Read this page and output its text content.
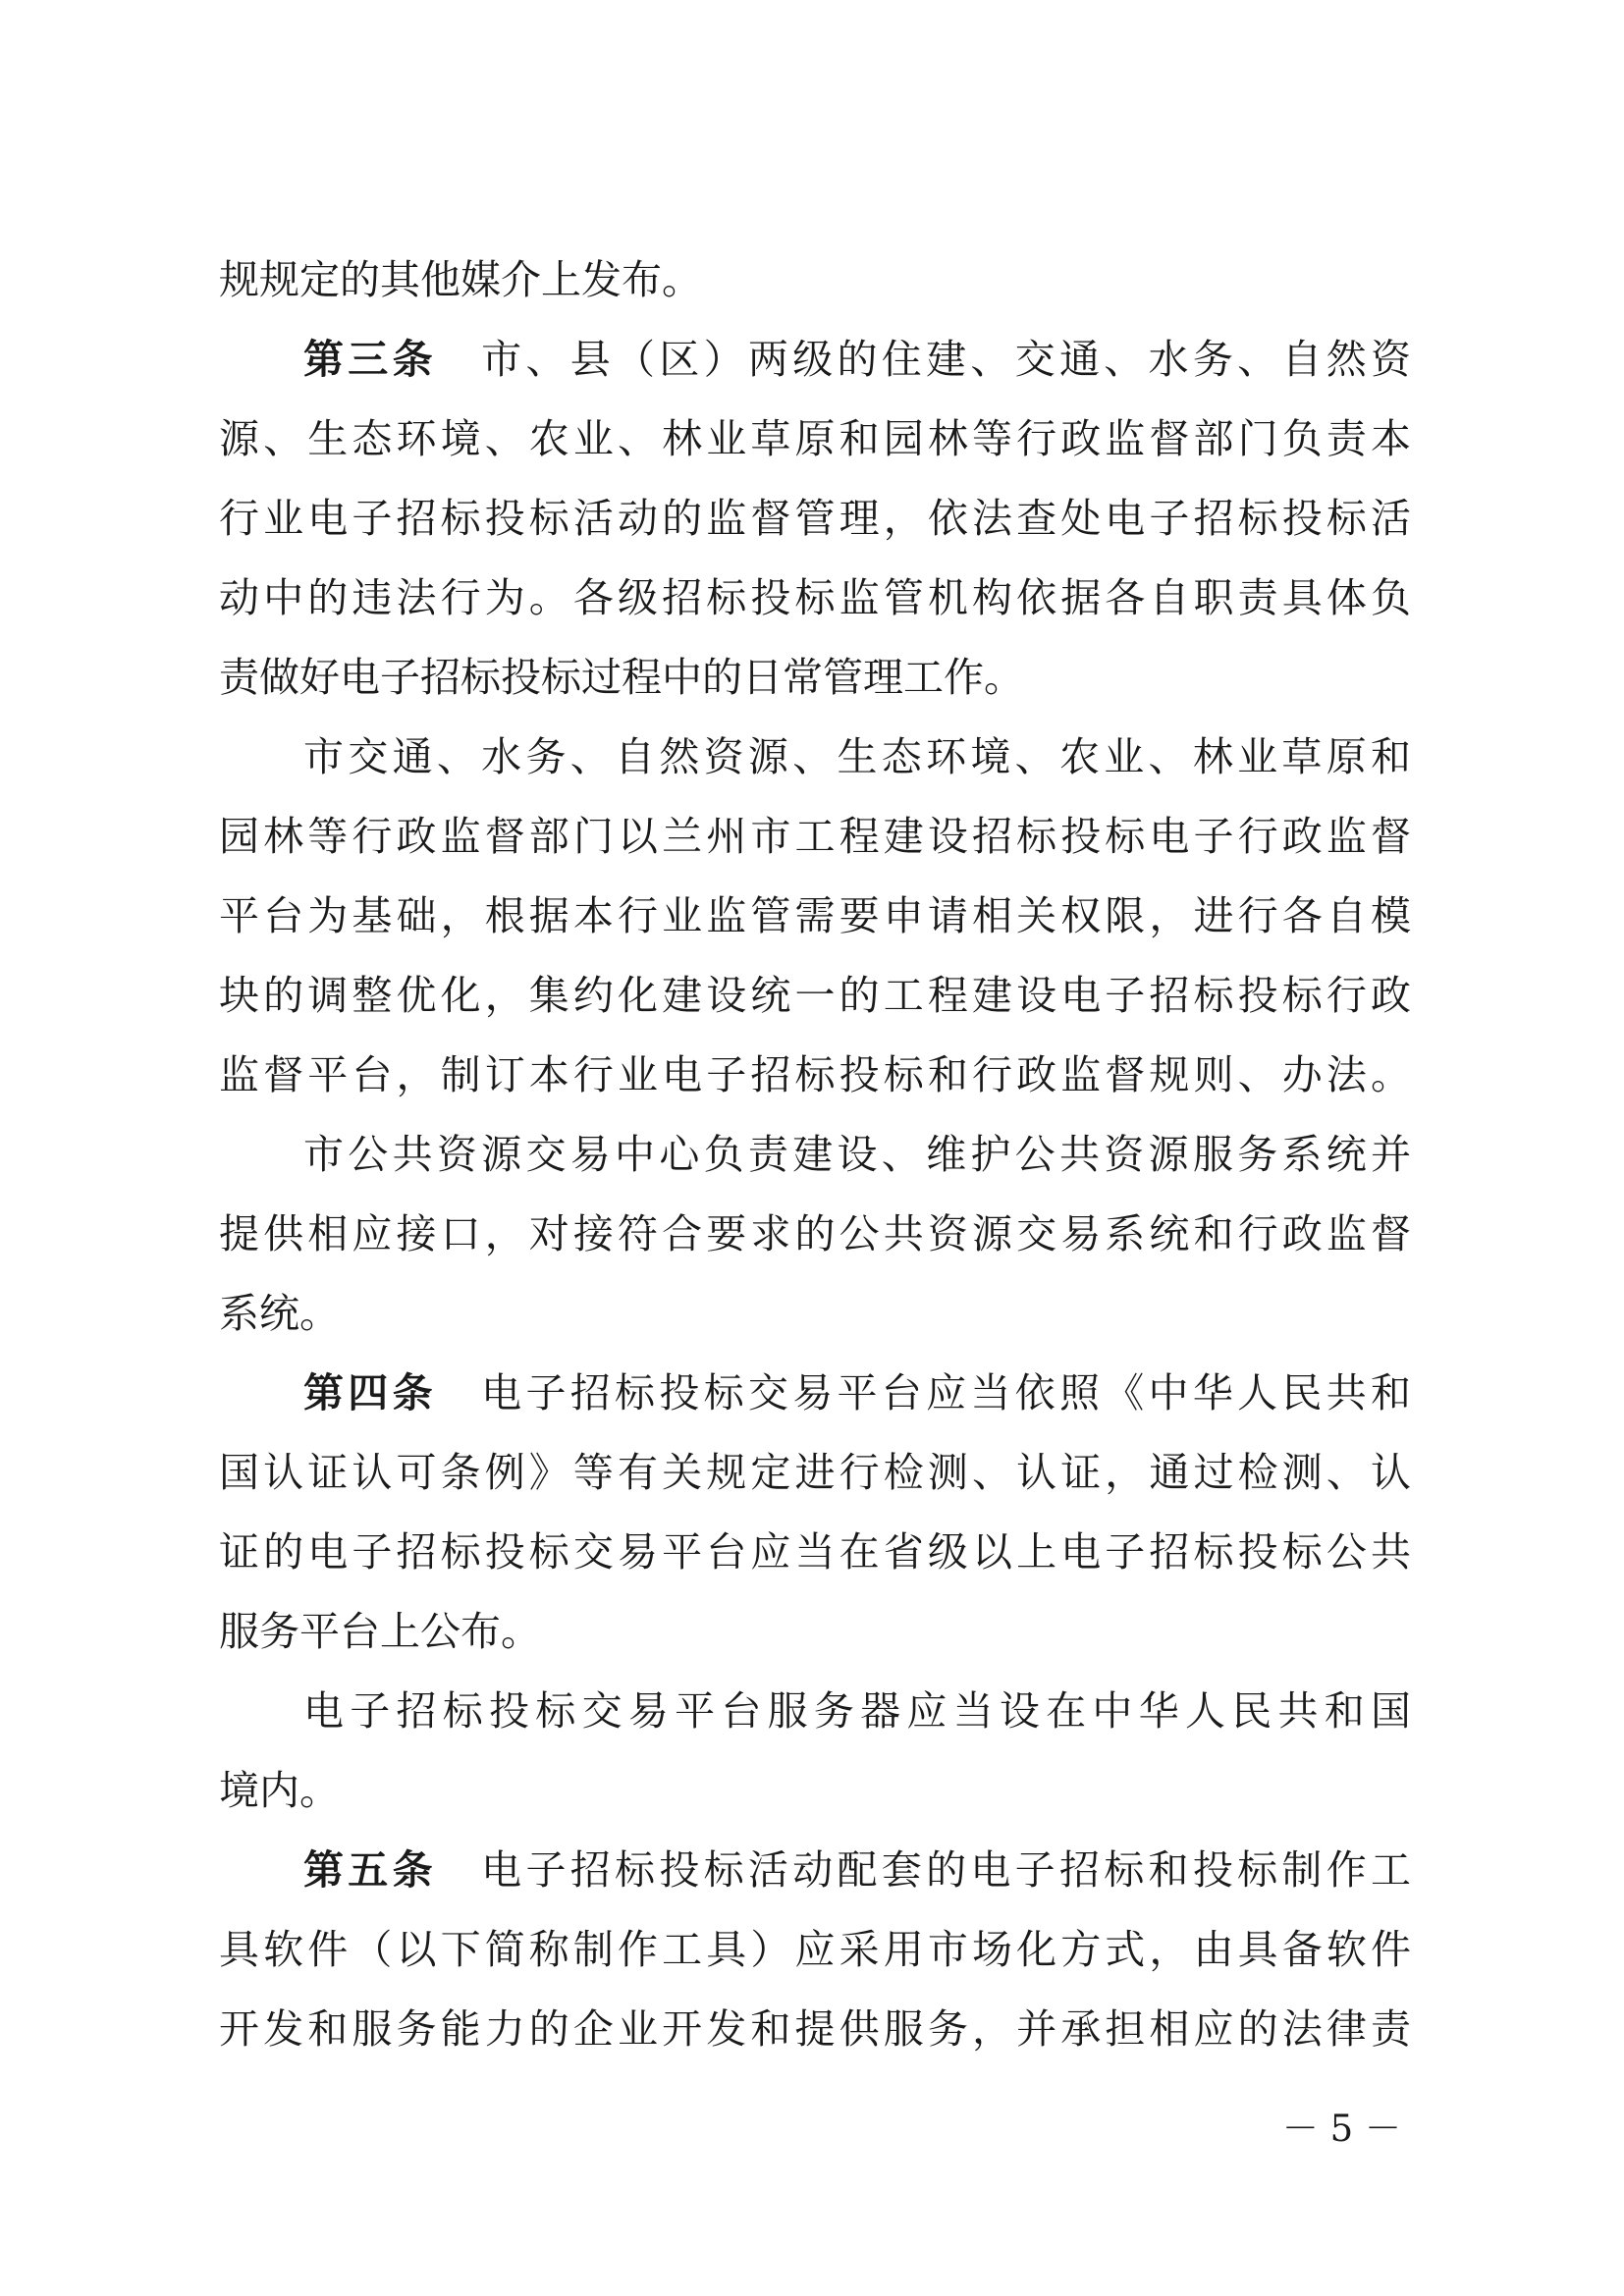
规规定的其他媒介上发布。
第三条　市、县（区）两级的住建、交通、水务、自然资
源、生态环境、农业、林业草原和园林等行政监督部门负责本
行业电子招标投标活动的监督管理，依法查处电子招标投标活
动中的违法行为。各级招标投标监管机构依据各自职责具体负
责做好电子招标投标过程中的日常管理工作。
市交通、水务、自然资源、生态环境、农业、林业草原和
园林等行政监督部门以兰州市工程建设招标投标电子行政监督
平台为基础，根据本行业监管需要申请相关权限，进行各自模
块的调整优化，集约化建设统一的工程建设电子招标投标行政
监督平台，制订本行业电子招标投标和行政监督规则、办法。
市公共资源交易中心负责建设、维护公共资源服务系统并
提供相应接口，对接符合要求的公共资源交易系统和行政监督
系统。
第四条　电子招标投标交易平台应当依照《中华人民共和
国认证认可条例》等有关规定进行检测、认证，通过检测、认
证的电子招标投标交易平台应当在省级以上电子招标投标公共
服务平台上公布。
电子招标投标交易平台服务器应当设在中华人民共和国
境内。
第五条　电子招标投标活动配套的电子招标和投标制作工
具软件（以下简称制作工具）应采用市场化方式，由具备软件
开发和服务能力的企业开发和提供服务，并承担相应的法律责
－ 5 －
